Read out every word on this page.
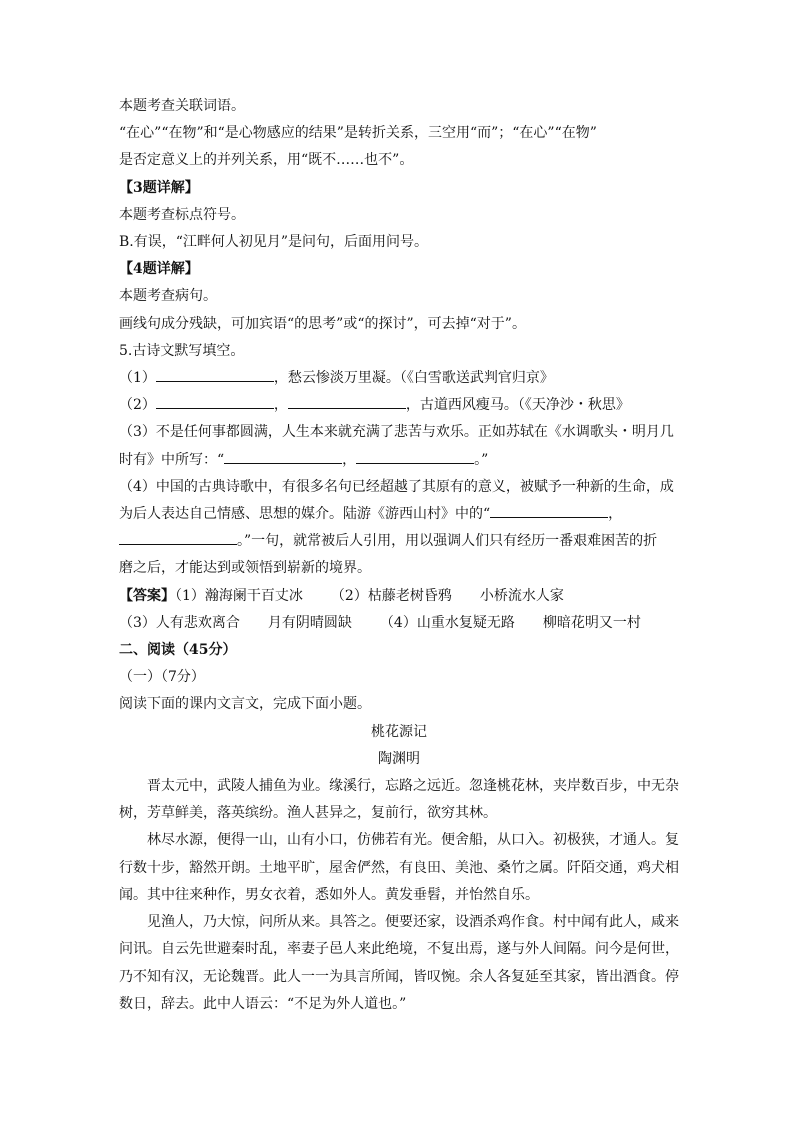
本题考查关联词语。
“在心”“在物”和“是心物感应的结果”是转折关系，三空用“而”；“在心”“在物”
是否定意义上的并列关系，用“既不……也不”。
【3题详解】
本题考查标点符号。
B.有误，“江畔何人初见月”是问句，后面用问号。
【4题详解】
本题考查病句。
画线句成分残缺，可加宾语“的思考”或“的探讨”，可去掉“对于”。
5.古诗文默写填空。
（1）	，愁云惨淡万里凝。（《白雪歌送武判官归京》
（2）	，	，古道西风瘦马。（《天净沙・秋思》
（3）不是任何事都圆满，人生本来就充满了悲苦与欢乐。正如苏轼在《水调歌头・明月几
时有》中所写：“	，	。”
（4）中国的古典诗歌中，有很多名句已经超越了其原有的意义，被赋予一种新的生命，成
为后人表达自己情感、思想的媒介。陆游《游西山村》中的“	，
。”一句，就常被后人引用，用以强调人们只有经历一番艰难困苦的折
磨之后，才能达到或领悟到崭新的境界。
【答案】（1）瀚海阑干百丈冰 （2）枯藤老树昏鸦 小桥流水人家
（3）人有悲欢离合 月有阴晴圆缺 （4）山重水复疑无路 柳暗花明又一村
二、阅读（45分）
（一）（7分）
阅读下面的课内文言文，完成下面小题。
桃花源记
陶渊明
晋太元中，武陵人捕鱼为业。缘溪行，忘路之远近。忽逢桃花林，夹岸数百步，中无杂树，芳草鲜美，落英缤纷。渔人甚异之，复前行，欲穷其林。
林尽水源，便得一山，山有小口，仿佛若有光。便舍船，从口入。初极狭，才通人。复行数十步，豁然开朗。土地平旷，屋舍俨然，有良田、美池、桑竹之属。阡陌交通，鸡犬相闻。其中往来种作，男女衣着，悉如外人。黄发垂髫，并怡然自乐。
见渔人，乃大惊，问所从来。具答之。便要还家，设酒杀鸡作食。村中闻有此人，咸来问讯。自云先世避秦时乱，率妻子邑人来此绝境，不复出焉，遂与外人间隔。问今是何世，乃不知有汉，无论魏晋。此人一一为具言所闻，皆叹惋。余人各复延至其家，皆出酒食。停数日，辞去。此中人语云：“不足为外人道也。”
